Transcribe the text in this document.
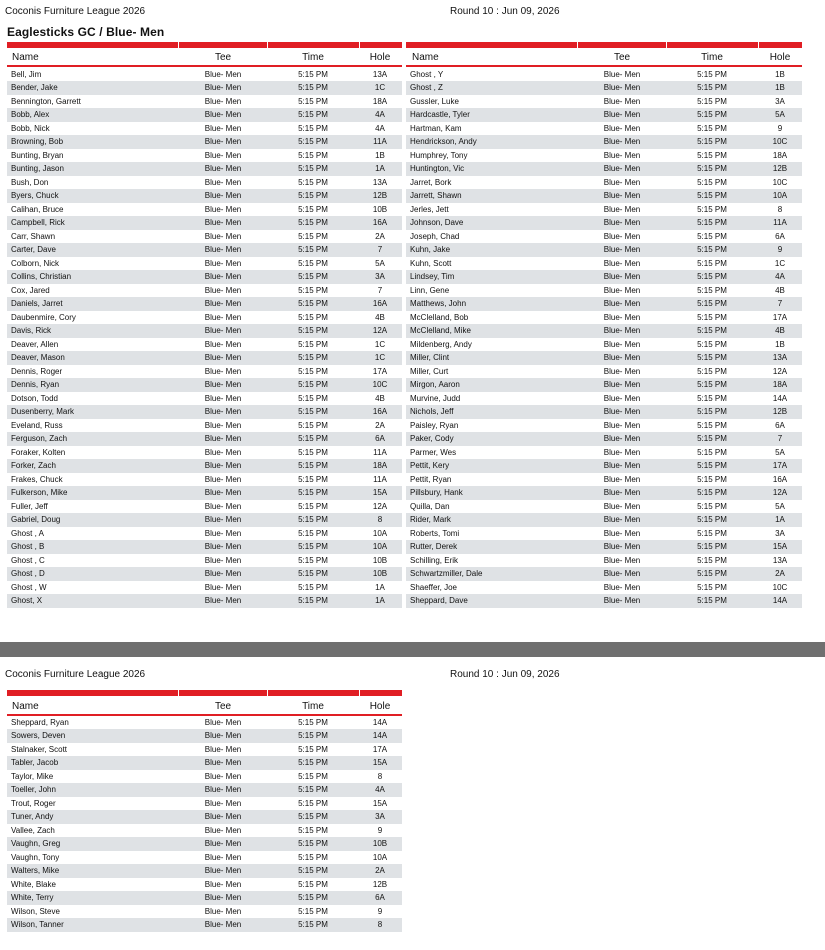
Coconis Furniture League 2026	Round 10 : Jun 09, 2026
Eaglesticks GC / Blue- Men
Name	Tee	Time	Hole
Bell, Jim	Blue- Men	5:15 PM	13A
Bender, Jake	Blue- Men	5:15 PM	1C
Bennington, Garrett	Blue- Men	5:15 PM	18A
Bobb, Alex	Blue- Men	5:15 PM	4A
Bobb, Nick	Blue- Men	5:15 PM	4A
Browning, Bob	Blue- Men	5:15 PM	11A
Bunting, Bryan	Blue- Men	5:15 PM	1B
Bunting, Jason	Blue- Men	5:15 PM	1A
Bush, Don	Blue- Men	5:15 PM	13A
Byers, Chuck	Blue- Men	5:15 PM	12B
Calihan, Bruce	Blue- Men	5:15 PM	10B
Campbell, Rick	Blue- Men	5:15 PM	16A
Carr, Shawn	Blue- Men	5:15 PM	2A
Carter, Dave	Blue- Men	5:15 PM	7
Colborn, Nick	Blue- Men	5:15 PM	5A
Collins, Christian	Blue- Men	5:15 PM	3A
Cox, Jared	Blue- Men	5:15 PM	7
Daniels, Jarret	Blue- Men	5:15 PM	16A
Daubenmire, Cory	Blue- Men	5:15 PM	4B
Davis, Rick	Blue- Men	5:15 PM	12A
Deaver, Allen	Blue- Men	5:15 PM	1C
Deaver, Mason	Blue- Men	5:15 PM	1C
Dennis, Roger	Blue- Men	5:15 PM	17A
Dennis, Ryan	Blue- Men	5:15 PM	10C
Dotson, Todd	Blue- Men	5:15 PM	4B
Dusenberry, Mark	Blue- Men	5:15 PM	16A
Eveland, Russ	Blue- Men	5:15 PM	2A
Ferguson, Zach	Blue- Men	5:15 PM	6A
Foraker, Kolten	Blue- Men	5:15 PM	11A
Forker, Zach	Blue- Men	5:15 PM	18A
Frakes, Chuck	Blue- Men	5:15 PM	11A
Fulkerson, Mike	Blue- Men	5:15 PM	15A
Fuller, Jeff	Blue- Men	5:15 PM	12A
Gabriel, Doug	Blue- Men	5:15 PM	8
Ghost , A	Blue- Men	5:15 PM	10A
Ghost , B	Blue- Men	5:15 PM	10A
Ghost , C	Blue- Men	5:15 PM	10B
Ghost , D	Blue- Men	5:15 PM	10B
Ghost , W	Blue- Men	5:15 PM	1A
Ghost, X	Blue- Men	5:15 PM	1A
Name	Tee	Time	Hole
Ghost , Y	Blue- Men	5:15 PM	1B
Ghost , Z	Blue- Men	5:15 PM	1B
Gussler, Luke	Blue- Men	5:15 PM	3A
Hardcastle, Tyler	Blue- Men	5:15 PM	5A
Hartman, Kam	Blue- Men	5:15 PM	9
Hendrickson, Andy	Blue- Men	5:15 PM	10C
Humphrey, Tony	Blue- Men	5:15 PM	18A
Huntington, Vic	Blue- Men	5:15 PM	12B
Jarret, Bork	Blue- Men	5:15 PM	10C
Jarrett, Shawn	Blue- Men	5:15 PM	10A
Jerles, Jett	Blue- Men	5:15 PM	8
Johnson, Dave	Blue- Men	5:15 PM	11A
Joseph, Chad	Blue- Men	5:15 PM	6A
Kuhn, Jake	Blue- Men	5:15 PM	9
Kuhn, Scott	Blue- Men	5:15 PM	1C
Lindsey, Tim	Blue- Men	5:15 PM	4A
Linn, Gene	Blue- Men	5:15 PM	4B
Matthews, John	Blue- Men	5:15 PM	7
McClelland, Bob	Blue- Men	5:15 PM	17A
McClelland, Mike	Blue- Men	5:15 PM	4B
Mildenberg, Andy	Blue- Men	5:15 PM	1B
Miller, Clint	Blue- Men	5:15 PM	13A
Miller, Curt	Blue- Men	5:15 PM	12A
Mirgon, Aaron	Blue- Men	5:15 PM	18A
Murvine, Judd	Blue- Men	5:15 PM	14A
Nichols, Jeff	Blue- Men	5:15 PM	12B
Paisley, Ryan	Blue- Men	5:15 PM	6A
Paker, Cody	Blue- Men	5:15 PM	7
Parmer, Wes	Blue- Men	5:15 PM	5A
Pettit, Kery	Blue- Men	5:15 PM	17A
Pettit, Ryan	Blue- Men	5:15 PM	16A
Pillsbury, Hank	Blue- Men	5:15 PM	12A
Quilla, Dan	Blue- Men	5:15 PM	5A
Rider, Mark	Blue- Men	5:15 PM	1A
Roberts, Tomi	Blue- Men	5:15 PM	3A
Rutter, Derek	Blue- Men	5:15 PM	15A
Schilling, Erik	Blue- Men	5:15 PM	13A
Schwartzmiller, Dale	Blue- Men	5:15 PM	2A
Shaeffer, Joe	Blue- Men	5:15 PM	10C
Sheppard, Dave	Blue- Men	5:15 PM	14A
Coconis Furniture League 2026	Round 10 : Jun 09, 2026
Name	Tee	Time	Hole
Sheppard, Ryan	Blue- Men	5:15 PM	14A
Sowers, Deven	Blue- Men	5:15 PM	14A
Stalnaker, Scott	Blue- Men	5:15 PM	17A
Tabler, Jacob	Blue- Men	5:15 PM	15A
Taylor, Mike	Blue- Men	5:15 PM	8
Toeller, John	Blue- Men	5:15 PM	4A
Trout, Roger	Blue- Men	5:15 PM	15A
Tuner, Andy	Blue- Men	5:15 PM	3A
Vallee, Zach	Blue- Men	5:15 PM	9
Vaughn, Greg	Blue- Men	5:15 PM	10B
Vaughn, Tony	Blue- Men	5:15 PM	10A
Walters, Mike	Blue- Men	5:15 PM	2A
White, Blake	Blue- Men	5:15 PM	12B
White, Terry	Blue- Men	5:15 PM	6A
Wilson, Steve	Blue- Men	5:15 PM	9
Wilson, Tanner	Blue- Men	5:15 PM	8
